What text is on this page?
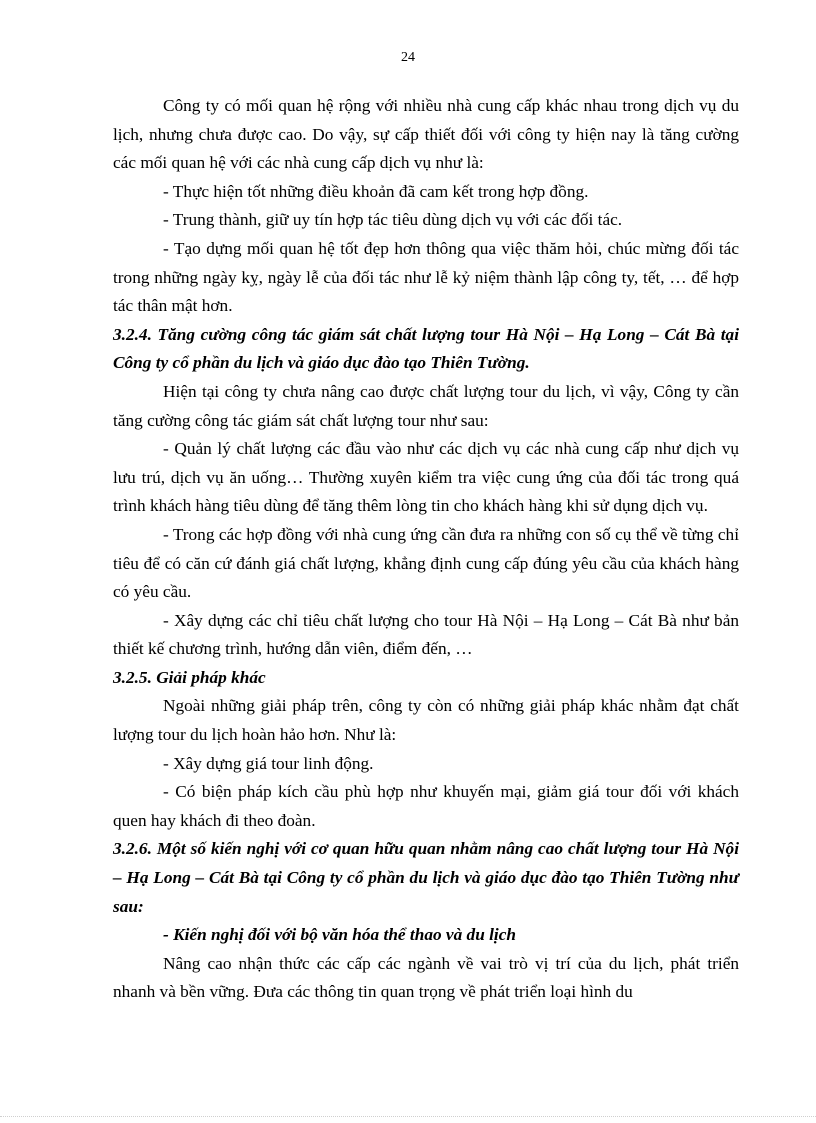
24

Công ty có mối quan hệ rộng với nhiều nhà cung cấp khác nhau trong dịch vụ du lịch, nhưng chưa được cao. Do vậy, sự cấp thiết đối với công ty hiện nay là tăng cường các mối quan hệ với các nhà cung cấp dịch vụ như là:

- Thực hiện tốt những điều khoản đã cam kết trong hợp đồng.

- Trung thành, giữ uy tín hợp tác tiêu dùng dịch vụ với các đối tác.

- Tạo dựng mối quan hệ tốt đẹp hơn thông qua việc thăm hỏi, chúc mừng đối tác trong những ngày kỵ, ngày lễ của đối tác như lễ kỷ niệm thành lập công ty, tết, … để hợp tác thân mật hơn.

3.2.4. Tăng cường công tác giám sát chất lượng tour Hà Nội – Hạ Long – Cát Bà tại Công ty cổ phần du lịch và giáo dục đào tạo Thiên Tường.

Hiện tại công ty chưa nâng cao được chất lượng tour du lịch, vì vậy, Công ty cần tăng cường công tác giám sát chất lượng tour như sau:

- Quản lý chất lượng các đầu vào như các dịch vụ các nhà cung cấp như dịch vụ lưu trú, dịch vụ ăn uống… Thường xuyên kiểm tra việc cung ứng của đối tác trong quá trình khách hàng tiêu dùng để tăng thêm lòng tin cho khách hàng khi sử dụng dịch vụ.

- Trong các hợp đồng với nhà cung ứng cần đưa ra những con số cụ thể về từng chỉ tiêu để có căn cứ đánh giá chất lượng, khẳng định cung cấp đúng yêu cầu của khách hàng có yêu cầu.

- Xây dựng các chỉ tiêu chất lượng cho tour Hà Nội – Hạ Long – Cát Bà như bản thiết kế chương trình, hướng dẫn viên, điểm đến, …

3.2.5. Giải pháp khác

Ngoài những giải pháp trên, công ty còn có những giải pháp khác nhằm đạt chất lượng tour du lịch hoàn hảo hơn. Như là:

- Xây dựng giá tour linh động.

- Có biện pháp kích cầu phù hợp như khuyến mại, giảm giá tour đối với khách quen hay khách đi theo đoàn.

3.2.6. Một số kiến nghị với cơ quan hữu quan nhằm nâng cao chất lượng tour Hà Nội – Hạ Long – Cát Bà tại Công ty cổ phần du lịch và giáo dục đào tạo Thiên Tường như sau:

- Kiến nghị đối với bộ văn hóa thể thao và du lịch

Nâng cao nhận thức các cấp các ngành về vai trò vị trí của du lịch, phát triển nhanh và bền vững. Đưa các thông tin quan trọng về phát triển loại hình du
